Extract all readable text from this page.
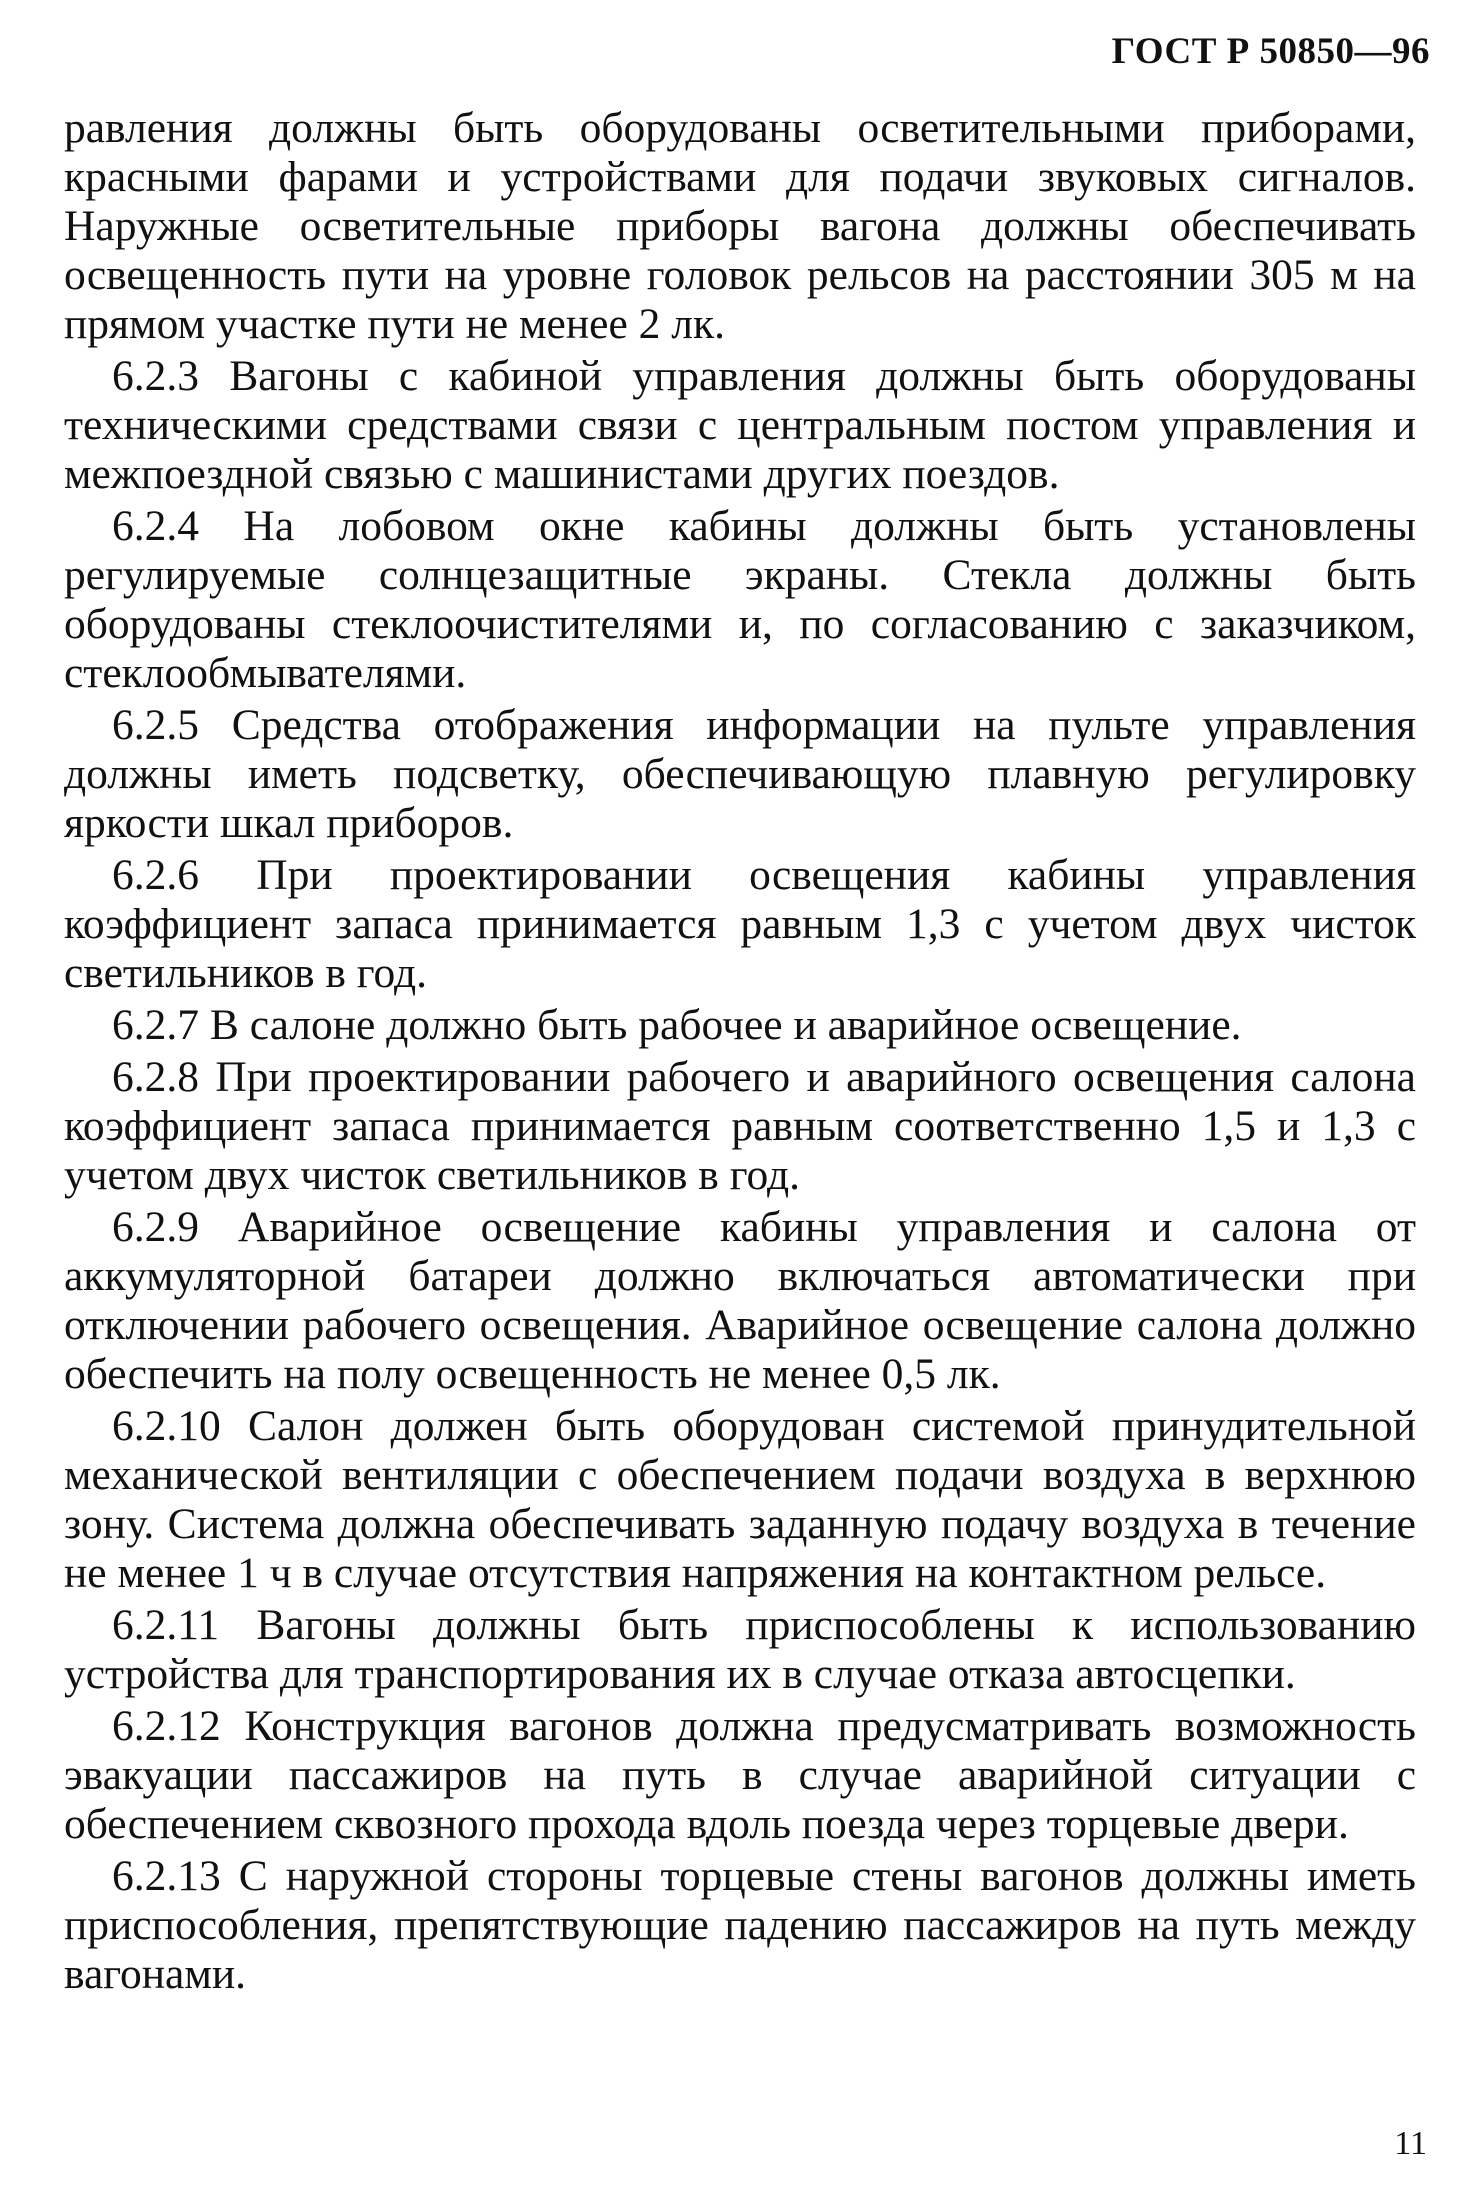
ГОСТ Р 50850—96

равления должны быть оборудованы осветительными приборами, красными фарами и устройствами для подачи звуковых сигналов. Наружные осветительные приборы вагона должны обеспечивать освещенность пути на уровне головок рельсов на расстоянии 305 м на прямом участке пути не менее 2 лк.

6.2.3 Вагоны с кабиной управления должны быть оборудованы техническими средствами связи с центральным постом управления и межпоездной связью с машинистами других поездов.

6.2.4 На лобовом окне кабины должны быть установлены регулируемые солнцезащитные экраны. Стекла должны быть оборудованы стеклоочистителями и, по согласованию с заказчиком, стеклообмывателями.

6.2.5 Средства отображения информации на пульте управления должны иметь подсветку, обеспечивающую плавную регулировку яркости шкал приборов.

6.2.6 При проектировании освещения кабины управления коэффициент запаса принимается равным 1,3 с учетом двух чисток светильников в год.

6.2.7 В салоне должно быть рабочее и аварийное освещение.

6.2.8 При проектировании рабочего и аварийного освещения салона коэффициент запаса принимается равным соответственно 1,5 и 1,3 с учетом двух чисток светильников в год.

6.2.9 Аварийное освещение кабины управления и салона от аккумуляторной батареи должно включаться автоматически при отключении рабочего освещения. Аварийное освещение салона должно обеспечить на полу освещенность не менее 0,5 лк.

6.2.10 Салон должен быть оборудован системой принудительной механической вентиляции с обеспечением подачи воздуха в верхнюю зону. Система должна обеспечивать заданную подачу воздуха в течение не менее 1 ч в случае отсутствия напряжения на контактном рельсе.

6.2.11 Вагоны должны быть приспособлены к использованию устройства для транспортирования их в случае отказа автосцепки.

6.2.12 Конструкция вагонов должна предусматривать возможность эвакуации пассажиров на путь в случае аварийной ситуации с обеспечением сквозного прохода вдоль поезда через торцевые двери.

6.2.13 С наружной стороны торцевые стены вагонов должны иметь приспособления, препятствующие падению пассажиров на путь между вагонами.

11
